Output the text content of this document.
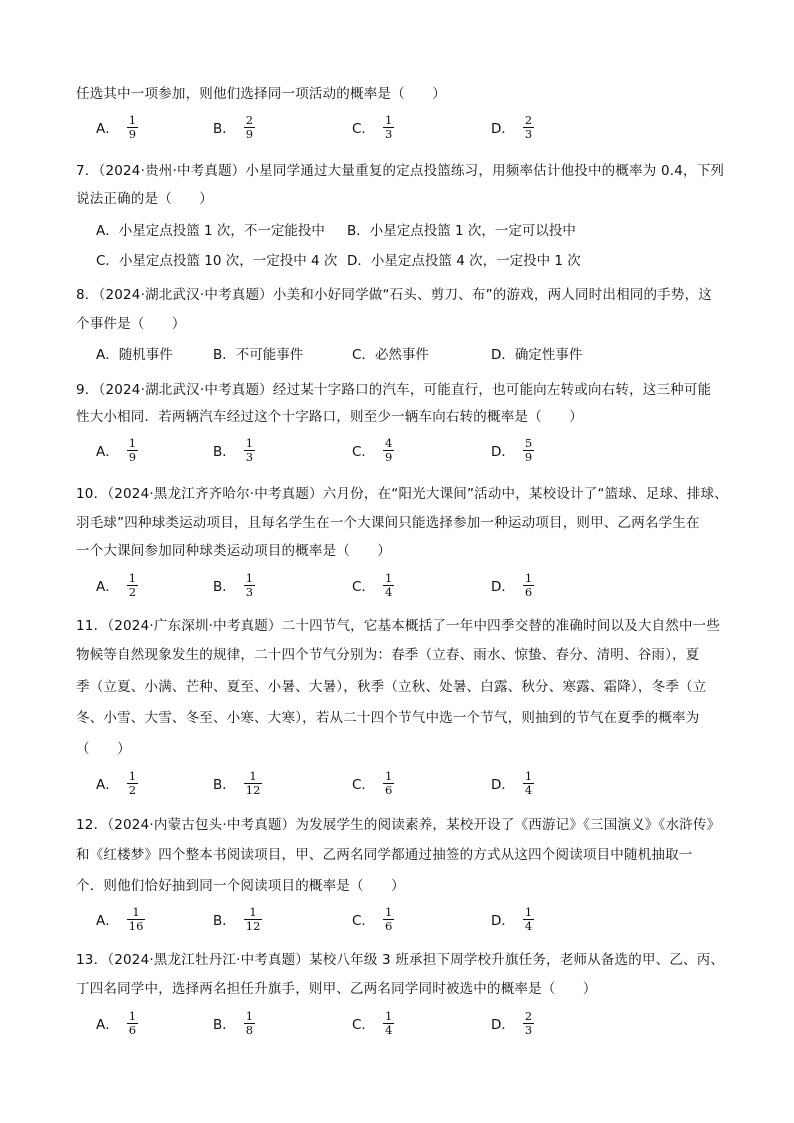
任选其中一项参加，则他们选择同一项活动的概率是（　　）
A． $\frac{1}{9}$	B． $\frac{2}{9}$	C． $\frac{1}{3}$	D． $\frac{2}{3}$
7．（2024·贵州·中考真题）小星同学通过大量重复的定点投篮练习，用频率估计他投中的概率为 0.4，下列
说法正确的是（　　）
A．小星定点投篮 1 次，不一定能投中 B．小星定点投篮 1 次，一定可以投中
C．小星定点投篮 10 次，一定投中 4 次 D．小星定点投篮 4 次，一定投中 1 次
8．（2024·湖北武汉·中考真题）小美和小好同学做“石头、剪刀、布”的游戏，两人同时出相同的手势，这
个事件是（　　）
A．随机事件	B．不可能事件	C．必然事件	D．确定性事件
9．（2024·湖北武汉·中考真题）经过某十字路口的汽车，可能直行，也可能向左转或向右转，这三种可能
性大小相同．若两辆汽车经过这个十字路口，则至少一辆车向右转的概率是（　　）
A． $\frac{1}{9}$	B． $\frac{1}{3}$	C． $\frac{4}{9}$	D． $\frac{5}{9}$
10．（2024·黑龙江齐齐哈尔·中考真题）六月份，在“阳光大课间”活动中，某校设计了“篮球、足球、排球、
羽毛球”四种球类运动项目，且每名学生在一个大课间只能选择参加一种运动项目，则甲、乙两名学生在
一个大课间参加同种球类运动项目的概率是（　　）
A． $\frac{1}{2}$	B． $\frac{1}{3}$	C． $\frac{1}{4}$	D． $\frac{1}{6}$
11．（2024·广东深圳·中考真题）二十四节气，它基本概括了一年中四季交替的准确时间以及大自然中一些
物候等自然现象发生的规律，二十四个节气分别为：春季（立春、雨水、惊蛰、春分、清明、谷雨），夏
季（立夏、小满、芒种、夏至、小暑、大暑），秋季（立秋、处暑、白露、秋分、寒露、霜降），冬季（立
冬、小雪、大雪、冬至、小寒、大寒），若从二十四个节气中选一个节气，则抽到的节气在夏季的概率为
（　　）
A． $\frac{1}{2}$	B． $\frac{1}{12}$	C． $\frac{1}{6}$	D． $\frac{1}{4}$
12．（2024·内蒙古包头·中考真题）为发展学生的阅读素养，某校开设了《西游记》《三国演义》《水浒传》
和《红楼梦》四个整本书阅读项目，甲、乙两名同学都通过抽签的方式从这四个阅读项目中随机抽取一
个．则他们恰好抽到同一个阅读项目的概率是（　　）
A． $\frac{1}{16}$	B． $\frac{1}{12}$	C． $\frac{1}{6}$	D． $\frac{1}{4}$
13．（2024·黑龙江牡丹江·中考真题）某校八年级 3 班承担下周学校升旗任务，老师从备选的甲、乙、丙、
丁四名同学中，选择两名担任升旗手，则甲、乙两名同学同时被选中的概率是（　　）
A． $\frac{1}{6}$	B． $\frac{1}{8}$	C． $\frac{1}{4}$	D． $\frac{2}{3}$
